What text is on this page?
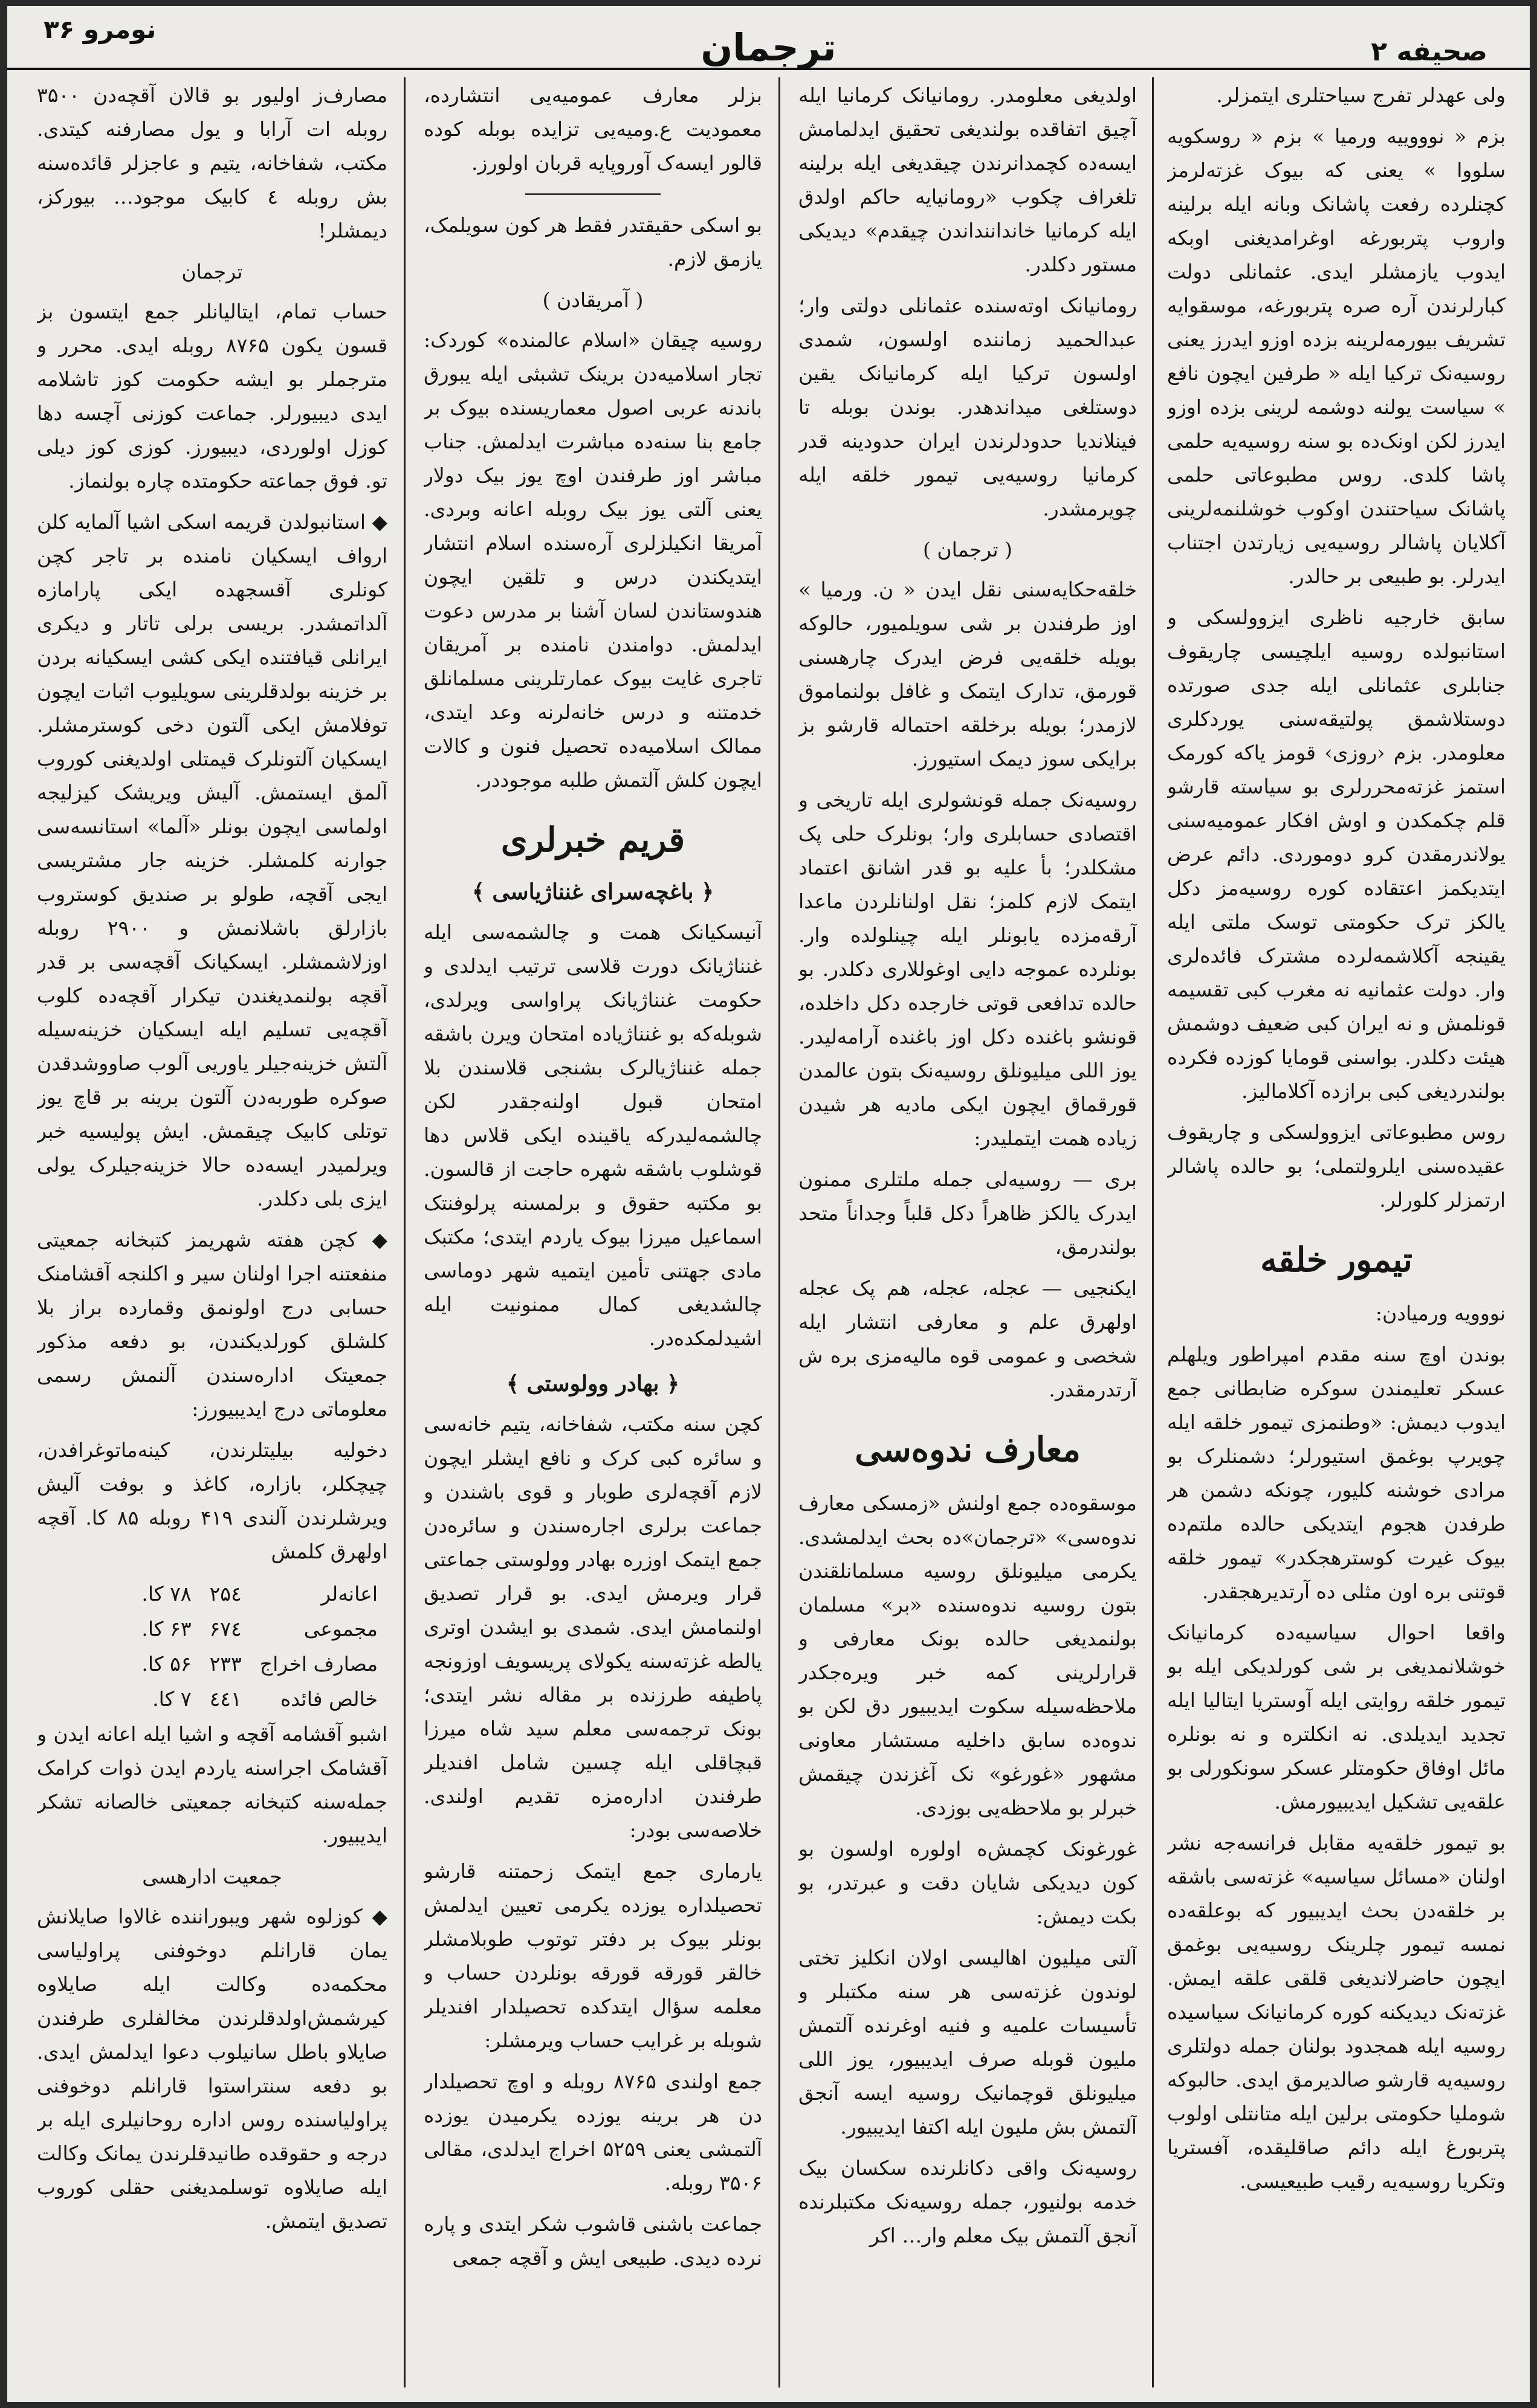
صحیفه ۲
ترجمان
نومرو ۳۶

ولی عهدلر تفرج سیاحتلری ایتمزلر.

بزم « نوووییه ورمیا » بزم « روسکویه سلووا » یعنی که بیوک غزته‌لرمز کچنلرده رفعت پاشانک وبانه ایله برلینه واروب پتربورغه اوغرامدیغنی اوبکه ایدوب یازمشلر ایدی. عثمانلی دولت کبارلرندن آره صره پتربورغه، موسقوایه تشریف بیورمه‌لرینه بزده اوزو ایدرز یعنی روسیه‌نک ترکیا ایله « طرفین ایچون نافع » سیاست یولنه دوشمه لرینی بزده اوزو ایدرز لکن اونک‌ده بو سنه روسیه‌یه حلمی پاشا کلدی. روس مطبوعاتی حلمی پاشانک سیاحتندن اوکوب خوشلنمه‌لرینی آکلایان پاشالر روسیه‌یی زیارتدن اجتناب ایدرلر. بو طبیعی بر حالدر.

سابق خارجیه ناظری ایزوولسکی و استانبولده روسیه ایلچیسی چاریقوف جنابلری عثمانلی ایله جدی صورتده دوستلاشمق پولتیقه‌سنی یوردکلری معلومدر. بزم ‹روزی› قومز یاکه کورمک استمز غزته‌محررلری بو سیاسته قارشو قلم چکمکدن و اوش افکار عمومیه‌سنی یولاندرمقدن کرو دوموردی. دائم عرض ایتدیکمز اعتقاده کوره روسیه‌مز دکل یالکز ترک حکومتی توسک ملتی ایله یقینجه آکلاشمه‌لرده مشترک فائده‌لری وار. دولت عثمانیه نه مغرب کبی تقسیمه قونلمش و نه ایران کبی ضعیف دوشمش هیئت دکلدر. بواسنی قومایا کوزده فکرده بولندردیغی کبی برازده آکلامالیز.

روس مطبوعاتی ایزوولسکی و چاریقوف عقیده‌سنی ایلرولتملی؛ بو حالده پاشالر ارتمزلر کلورلر.

تیمور خلقه

نووویه ورمیادن:

بوندن اوچ سنه مقدم امپراطور ویلهلم عسکر تعلیمندن سوکره ضابطانی جمع ایدوب دیمش: «وطنمزی تیمور خلقه ایله چویرپ بوغمق استیورلر؛ دشمنلرک بو مرادی خوشنه کلیور، چونکه دشمن هر طرفدن هجوم ایتدیکی حالده ملتم‌ده بیوک غیرت کوسترهجکدر» تیمور خلقه قوتنی بره اون مثلی ده آرتدیرهجقدر.

واقعا احوال سیاسیه‌ده کرمانیانک خوشلانمدیغی بر شی کورلدیکی ایله بو تیمور خلقه روایتی ایله آوستریا ایتالیا ایله تجدید ایدیلدی. نه انکلتره و نه بونلره مائل اوفاق حکومتلر عسکر سونکورلی بو علقه‌یی تشکیل ایدیبیورمش.

بو تیمور خلقه‌یه مقابل فرانسه‌جه نشر اولنان «مسائل سیاسیه» غزته‌سی باشقه بر خلقه‌دن بحث ایدیبیور که بوعلقه‌ده نمسه تیمور چلرینک روسیه‌یی بوغمق ایچون حاضرلاندیغی قلقی علقه ایمش. غزته‌نک دیدیکنه کوره کرمانیانک سیاسیده روسیه ایله همجدود بولنان جمله دولتلری روسیه‌یه قارشو صالدیرمق ایدی. حالبوکه شوملیا حکومتی برلین ایله متانتلی اولوب پتربورغ ایله دائم صاقلیقده، آفستریا وتکریا روسیه‌یه رقیب طبیعیسی.

اولدیغی معلومدر. رومانیانک کرمانیا ایله آچیق اتفاقده بولندیغی تحقیق ایدلمامش ایسه‌ده کچمدانرندن چیقدیغی ایله برلینه تلغراف چکوب «رومانیایه حاکم اولدق ایله کرمانیا خانداننداندن چیقدم» دیدیکی مستور دکلدر.

رومانیانک اوته‌سنده عثمانلی دولتی وار؛ عبدالحمید زماننده اولسون، شمدی اولسون ترکیا ایله کرمانیانک یقین دوستلغی میداندهدر. بوندن بوبله تا فینلاندیا حدودلرندن ایران حدودینه قدر کرمانیا روسیه‌یی تیمور خلقه ایله چویرمشدر.

( ترجمان )

خلقه‌حکایه‌سنی نقل ایدن « ن. ورمیا » اوز طرفندن بر شی سویلمیور، حالوکه بویله خلقه‌یی فرض ایدرک چارهسنی قورمق، تدارک ایتمک و غافل بولنماموق لازمدر؛ بویله برخلقه احتماله قارشو بز برایکی سوز دیمک استیورز.

روسیه‌نک جمله قونشولری ایله تاریخی و اقتصادی حسابلری وار؛ بونلرک حلی پک مشکلدر؛ بأ علیه بو قدر اشانق اعتماد ایتمک لازم کلمز؛ نقل اولنانلردن ماعدا آرقه‌مزده یابونلر ایله چینلولده وار. بونلرده عموجه دایی اوغوللاری دکلدر. بو حالده تدافعی قوتی خارجده دکل داخلده، قونشو باغنده دکل اوز باغنده آرامه‌لیدر. یوز اللی میلیونلق روسیه‌نک بتون عالمدن قورقماق ایچون ایکی مادیه هر شیدن زیاده همت ایتملیدر:

بری — روسیه‌لی جمله ملتلری ممنون ایدرک یالکز ظاهراً دکل قلباً وجداناً متحد بولندرمق،

ایکنجیی — عجله، عجله، هم پک عجله اولهرق علم و معارفی انتشار ایله شخصی و عمومی قوه مالیه‌مزی بره ش آرتدرمقدر.

معارف ندوه‌سی

موسقوه‌ده جمع اولنش «زمسکی معارف ندوه‌سی» «ترجمان»ده بحث ایدلمشدی. یکرمی میلیونلق روسیه مسلمانلقندن بتون روسیه ندوه‌سنده «بر» مسلمان بولنمدیغی حالده بونک معارفی و قرارلرینی کمه خبر ویره‌جکدر ملاحظه‌سیله سکوت ایدیبیور دق لکن بو ندوه‌ده سابق داخلیه مستشار معاونی مشهور «غورغو» نک آغزندن چیقمش خبرلر بو ملاحظه‌یی بوزدی.

غورغونک کچمش‌ه اولوره اولسون بو کون دیدیکی شایان دقت و عبرتدر، بو بکت دیمش:

آلتی میلیون اهالیسی اولان انکلیز تختی لوندون غزته‌سی هر سنه مکتبلر و تأسیسات علمیه و فنیه اوغرنده آلتمش ملیون قوبله صرف ایدیبیور، یوز اللی میلیونلق قوچمانیک روسیه ایسه آنجق آلتمش بش ملیون ایله اکتفا ایدیبیور.

روسیه‌نک واقی دکانلرنده سکسان بیک خدمه بولنیور، جمله روسیه‌نک مکتبلرنده آنجق آلتمش بیک معلم وار… اکر

بزلر معارف عمومیه‌یی انتشارده، معمودیت ع.ومیه‌یی تزایده بوبله کوده قالور ایسه‌ک آوروپایه قربان اولورز.

بو اسکی حقیقتدر فقط هر کون سویلمک، یازمق لازم.

( آمریقادن )

روسیه چیقان «اسلام عالمنده» کوردک: تجار اسلامیه‌دن برینک تشبثی ایله یبورق باندنه عربی اصول معماریسنده بیوک بر جامع بنا سنه‌ده مباشرت ایدلمش. جناب مباشر اوز طرفندن اوچ یوز بیک دولار یعنی آلتی یوز بیک روبله اعانه وبردی. آمریقا انکیلزلری آره‌سنده اسلام انتشار ایتدیکندن درس و تلقین ایچون هندوستاندن لسان آشنا بر مدرس دعوت ایدلمش. دوامندن نامنده بر آمریقان تاجری غایت بیوک عمارتلرینی مسلمانلق خدمتنه و درس خانه‌لرنه وعد ایتدی، ممالک اسلامیه‌ده تحصیل فنون و کالات ایچون کلش آلتمش طلبه موجوددر.

قریم خبرلری
﴿ باغچه‌سرای غنناژیاسی ﴾

آنیسکیانک همت و چالشمه‌سی ایله غنناژیانک دورت قلاسی ترتیب ایدلدی و حکومت غنناژیانک پراواسی ویرلدی، شوبله‌که بو غنناژیاده امتحان ویرن باشقه جمله غنناژیالرک بشنجی قلاسندن بلا امتحان قبول اولنه‌جقدر لکن چالشمه‌لیدرکه یاقینده ایکی قلاس دها قوشلوب باشقه شهره حاجت از قالسون. بو مکتبه حقوق و برلمسنه پرلوفنتک اسماعیل میرزا بیوک یاردم ایتدی؛ مکتبک مادی جهتنی تأمین ایتمیه شهر دوماسی چالشدیغی کمال ممنونیت ایله اشیدلمکده‌در.

﴿ بهادر وولوستی ﴾

کچن سنه مکتب، شفاخانه، یتیم خانه‌سی و سائره کبی کرک و نافع ایشلر ایچون لازم آقچه‌لری طوبار و قوی باشندن و جماعت برلری اجاره‌سندن و سائره‌دن جمع ایتمک اوزره بهادر وولوستی جماعتی قرار ویرمش ایدی. بو قرار تصدیق اولنمامش ایدی. شمدی بو ایشدن اوتری یالطه غزته‌سنه یکولای پریسویف اوزونجه پاطیفه طرزنده بر مقاله نشر ایتدی؛ بونک ترجمه‌سی معلم سید شاه میرزا قبچاقلی ایله چسین شامل افندیلر طرفندن اداره‌مزه تقدیم اولندی. خلاصه‌سی بودر:

یارماری جمع ایتمک زحمتنه قارشو تحصیلداره یوزده یکرمی تعیین ایدلمش بونلر بیوک بر دفتر توتوب طوبلامشلر خالقر قورقه قورقه بونلردن حساب و معلمه سؤال ایتدکده تحصیلدار افندیلر شوبله بر غرایب حساب ویرمشلر:

جمع اولندی ۸۷۶۵ روبله و اوچ تحصیلدار دن هر برینه یوزده یکرمیدن یوزده آلتمشی یعنی ۵۲۵۹ اخراج ایدلدی، مقالی ۳۵۰۶ روبله.

جماعت باشنی قاشوب شکر ایتدی و پاره نرده دیدی. طبیعی ایش و آقچه جمعی

مصارف‌ز اولیور بو قالان آقچه‌دن ۳۵۰۰ روبله ات آرابا و یول مصارفنه کیتدی. مکتب، شفاخانه، یتیم و عاجزلر قائده‌سنه بش روبله ٤ کابیک موجود… بیورکز، دیمشلر!

ترجمان

حساب تمام، ایتالیانلر جمع ایتسون بز قسون یکون ۸۷۶۵ روبله ایدی. محرر و مترجملر بو ایشه حکومت کوز تاشلامه ایدی دیبیورلر. جماعت کوزنی آچسه دها کوزل اولوردی، دیبیورز. کوزی کوز دیلی تو. فوق جماعته حکومتده چاره بولنماز.

◆ استانبولدن قریمه اسکی اشیا آلمایه کلن ارواف ایسکیان نامنده بر تاجر کچن کونلری آقسجهده ایکی پارامازه آلداتمشدر. بریسی برلی تاتار و دیکری ایرانلی قیافتنده ایکی کشی ایسکیانه بردن بر خزینه بولدقلرینی سویلیوب اثبات ایچون توفلامش ایکی آلتون دخی کوسترمشلر. ایسکیان آلتونلرک قیمتلی اولدیغنی کوروب آلمق ایستمش. آلیش ویریشک کیزلیجه اولماسی ایچون بونلر «آلما» استانسه‌سی جوارنه کلمشلر. خزینه جار مشتریسی ایجی آقچه، طولو بر صندیق کوستروب بازارلق باشلانمش و ۲۹۰۰ روبله اوزلاشمشلر. ایسکیانک آقچه‌سی بر قدر آقچه بولنمدیغندن تیکرار آقچه‌ده کلوب آقچه‌یی تسلیم ایله ایسکیان خزینه‌سیله آلتش خزینه‌جیلر یاوریی آلوب صاووشدقدن صوکره طوربه‌دن آلتون برینه بر قاچ یوز توتلی کابیک چیقمش. ایش پولیسیه خبر ویرلمیدر ایسه‌ده حالا خزینه‌جیلرک یولی ایزی بلی دکلدر.

◆ کچن هفته شهریمز کتبخانه جمعیتی منفعتنه اجرا اولنان سیر و اکلنجه آقشامنک حسابی درج اولونمق وقمارده براز بلا کلشلق کورلدیکندن، بو دفعه مذکور جمعیتک اداره‌سندن آلنمش رسمی معلوماتی درج ایدیبیورز:

دخولیه بیلیتلرندن، کینه‌ماتوغرافدن، چیچکلر، بازاره، کاغذ و بوفت آلیش ویرشلرندن آلندی ۴۱۹ روبله ۸۵ کا. آقچه اولهرق کلمش

اعانه‌لر	۲۵٤	۷۸ کا.
مجموعی	۶۷٤	۶۳ کا.
مصارف اخراج	۲۳۳	۵۶ کا.
خالص فائده	٤٤۱	۷ کا.

اشبو آقشامه آقچه و اشیا ایله اعانه ایدن و آقشامک اجراسنه یاردم ایدن ذوات کرامک جمله‌سنه کتبخانه جمعیتی خالصانه تشکر ایدیبیور.

جمعیت ادارهسی

◆ کوزلوه شهر ویبوراننده غالاوا صایلانش یمان قارانلم دوخوفنی پراولیاسی محکمه‌ده وکالت ایله صایلاوه کیرشمش‌اولدقلرندن مخالفلری طرفندن صایلاو باطل سانیلوب دعوا ایدلمش ایدی. بو دفعه سنتراستوا قارانلم دوخوفنی پراولیاسنده روس اداره روحانیلری ایله بر درجه و حقوقده طانیدقلرندن یمانک وکالت ایله صایلاوه توسلمدیغنی حقلی کوروب تصدیق ایتمش.
